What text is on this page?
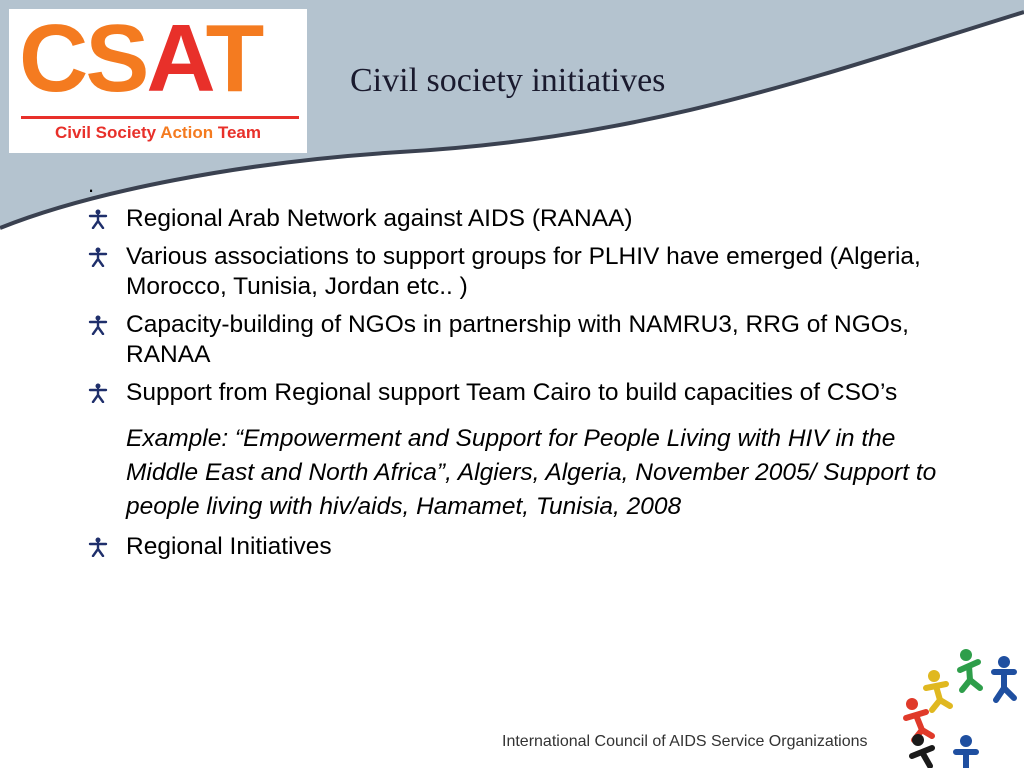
CSAT
Civil Society Action Team
Civil society initiatives
.
Regional Arab Network against AIDS (RANAA)
Various associations to support groups for PLHIV have emerged (Algeria, Morocco, Tunisia, Jordan etc.. )
Capacity-building of NGOs in partnership with NAMRU3, RRG of NGOs, RANAA
Support from Regional support Team Cairo to build capacities of CSO’s
Example: “Empowerment and Support for People Living with HIV in the Middle East and North Africa”, Algiers, Algeria, November 2005/ Support to people living with hiv/aids, Hamamet, Tunisia, 2008
Regional Initiatives
International Council of AIDS Service Organizations
